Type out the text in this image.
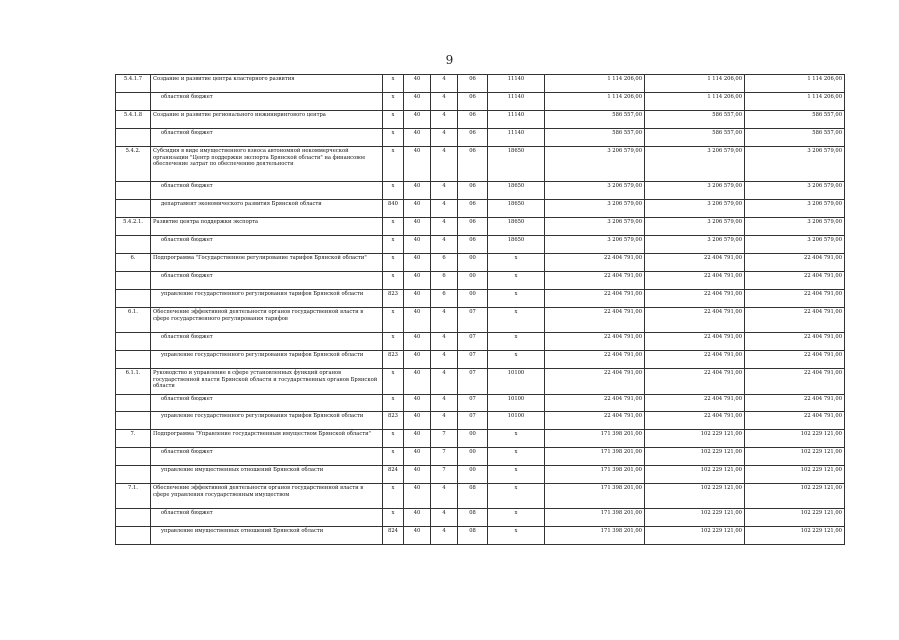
9
5.4.1.7	Создание и развитие центра кластерного развития	х	40	4	06	11140	1 114 206,00	1 114 206,00	1 114 206,00
	областной бюджет	х	40	4	06	11140	1 114 206,00	1 114 206,00	1 114 206,00
5.4.1.8	Создание и развитие регионального инжинирингового центра	х	40	4	06	11140	586 557,00	586 557,00	586 557,00
	областной бюджет	х	40	4	06	11140	586 557,00	586 557,00	586 557,00
5.4.2.	Субсидия в виде имущественного взноса автономной некоммерческой организации "Центр поддержки экспорта Брянской области" на финансовое обеспечение затрат по обеспечению деятельности	х	40	4	06	18650	3 206 579,00	3 206 579,00	3 206 579,00
	областной бюджет	х	40	4	06	18650	3 206 579,00	3 206 579,00	3 206 579,00
	департамент экономического развития Брянской области	840	40	4	06	18650	3 206 579,00	3 206 579,00	3 206 579,00
5.4.2.1.	Развитие центра поддержки экспорта	х	40	4	06	18650	3 206 579,00	3 206 579,00	3 206 579,00
	областной бюджет	х	40	4	06	18650	3 206 579,00	3 206 579,00	3 206 579,00
6.	Подпрограмма "Государственное регулирование тарифов Брянской области"	х	40	6	00	х	22 404 791,00	22 404 791,00	22 404 791,00
	областной бюджет	х	40	6	00	х	22 404 791,00	22 404 791,00	22 404 791,00
	управление государственного регулирования тарифов Брянской области	823	40	6	00	х	22 404 791,00	22 404 791,00	22 404 791,00
6.1.	Обеспечение эффективной деятельности органов государственной власти в сфере государственного регулирования тарифов	х	40	4	07	х	22 404 791,00	22 404 791,00	22 404 791,00
	областной бюджет	х	40	4	07	х	22 404 791,00	22 404 791,00	22 404 791,00
	управление государственного регулирования тарифов Брянской области	823	40	4	07	х	22 404 791,00	22 404 791,00	22 404 791,00
6.1.1.	Руководство и управление в сфере установленных функций органов государственной власти Брянской области и государственных органов Брянской области	х	40	4	07	10100	22 404 791,00	22 404 791,00	22 404 791,00
	областной бюджет	х	40	4	07	10100	22 404 791,00	22 404 791,00	22 404 791,00
	управление государственного регулирования тарифов Брянской области	823	40	4	07	10100	22 404 791,00	22 404 791,00	22 404 791,00
7.	Подпрограмма "Управление государственным имуществом Брянской области"	х	40	7	00	х	171 398 201,00	102 229 121,00	102 229 121,00
	областной бюджет	х	40	7	00	х	171 398 201,00	102 229 121,00	102 229 121,00
	управление имущественных отношений Брянской области	824	40	7	00	х	171 398 201,00	102 229 121,00	102 229 121,00
7.1.	Обеспечение эффективной деятельности органов государственной власти в сфере управления государственным имуществом	х	40	4	08	х	171 398 201,00	102 229 121,00	102 229 121,00
	областной бюджет	х	40	4	08	х	171 398 201,00	102 229 121,00	102 229 121,00
	управление имущественных отношений Брянской области	824	40	4	08	х	171 398 201,00	102 229 121,00	102 229 121,00
